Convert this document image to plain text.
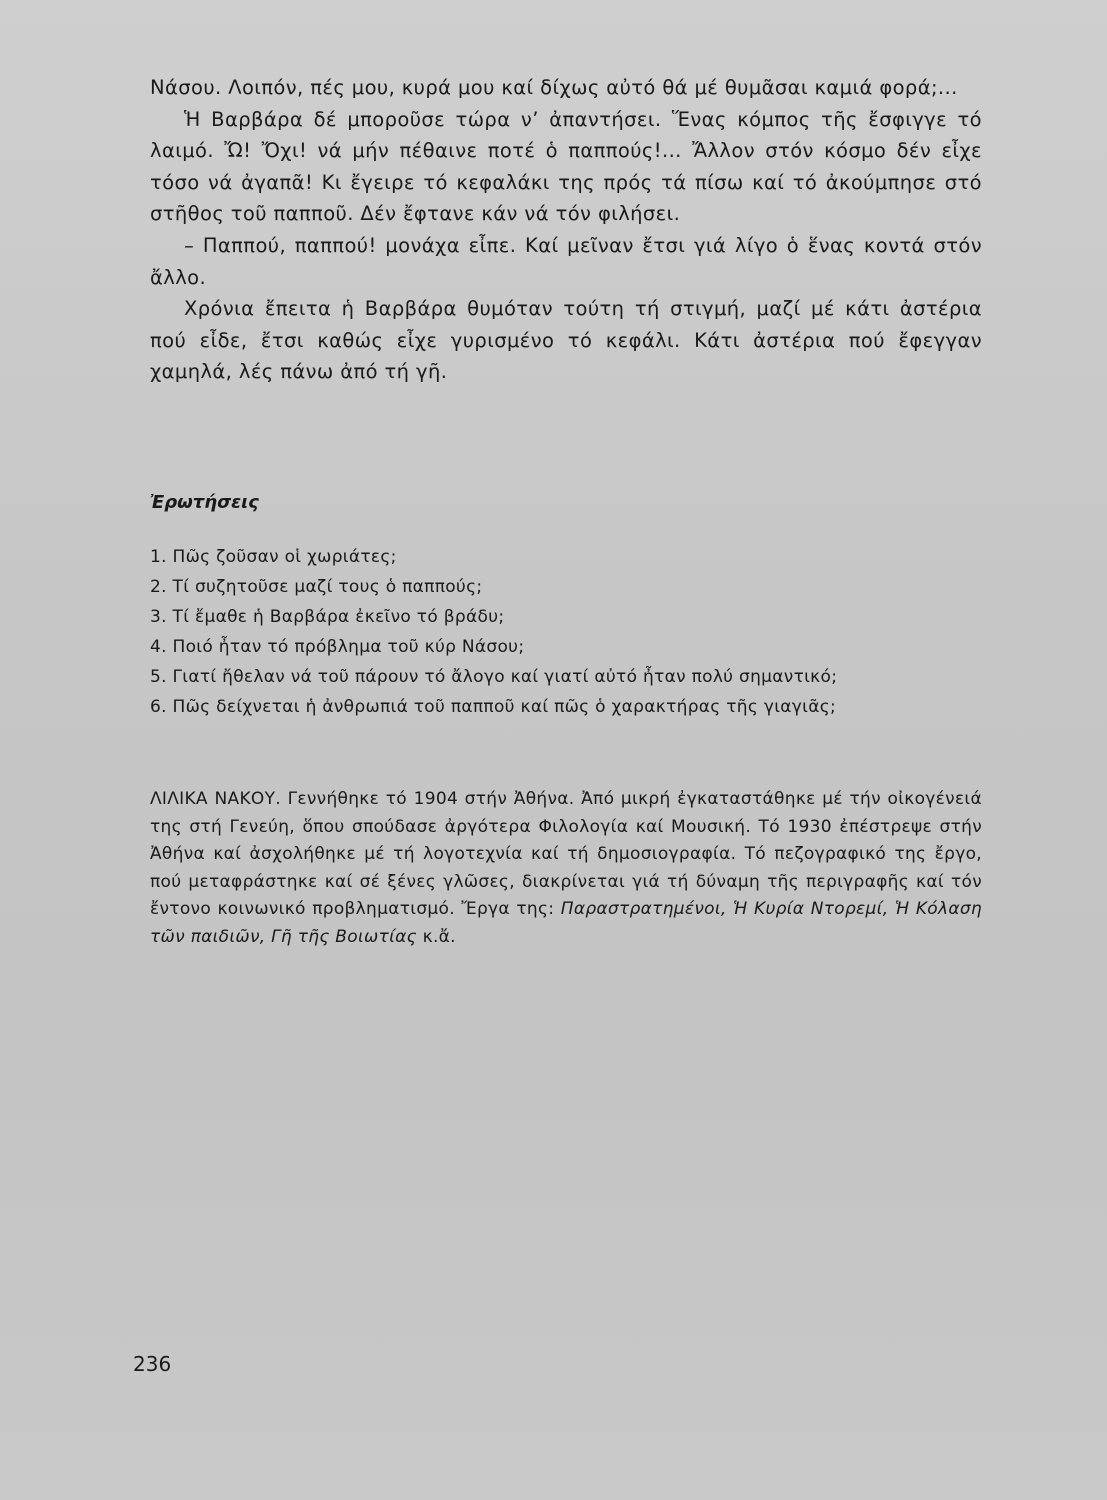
Νάσου. Λοιπόν, πές μου, κυρά μου καί δίχως αὐτό θά μέ θυμᾶσαι καμιά φορά;...

Ἡ Βαρβάρα δέ μποροῦσε τώρα ν’ ἀπαντήσει. Ἕνας κόμπος τῆς ἔσφιγγε τό λαιμό. Ὤ! Ὄχι! νά μήν πέθαινε ποτέ ὁ παππούς!... Ἄλλον στόν κόσμο δέν εἶχε τόσο νά ἀγαπᾶ! Κι ἔγειρε τό κεφαλάκι της πρός τά πίσω καί τό ἀκούμπησε στό στῆθος τοῦ παπποῦ. Δέν ἔφτανε κάν νά τόν φιλήσει.

– Παππού, παππού! μονάχα εἶπε. Καί μεῖναν ἔτσι γιά λίγο ὁ ἕνας κοντά στόν ἄλλο.

Χρόνια ἔπειτα ἡ Βαρβάρα θυμόταν τούτη τή στιγμή, μαζί μέ κάτι ἀστέρια πού εἶδε, ἔτσι καθώς εἶχε γυρισμένο τό κεφάλι. Κάτι ἀστέρια πού ἔφεγγαν χαμηλά, λές πάνω ἀπό τή γῆ.

Ἐρωτήσεις
1. Πῶς ζοῦσαν οἱ χωριάτες;
2. Τί συζητοῦσε μαζί τους ὁ παππούς;
3. Τί ἔμαθε ἡ Βαρβάρα ἐκεῖνο τό βράδυ;
4. Ποιό ἦταν τό πρόβλημα τοῦ κύρ Νάσου;
5. Γιατί ἤθελαν νά τοῦ πάρουν τό ἄλογο καί γιατί αὐτό ἦταν πολύ σημαντικό;
6. Πῶς δείχνεται ἡ ἀνθρωπιά τοῦ παπποῦ καί πῶς ὁ χαρακτήρας τῆς γιαγιᾶς;

ΛΙΛΙΚΑ ΝΑΚΟΥ. Γεννήθηκε τό 1904 στήν Ἀθήνα. Ἀπό μικρή ἐγκαταστάθηκε μέ τήν οἰκογένειά της στή Γενεύη, ὅπου σπούδασε ἀργότερα Φιλολογία καί Μουσική. Τό 1930 ἐπέστρεψε στήν Ἀθήνα καί ἀσχολήθηκε μέ τή λογοτεχνία καί τή δημοσιογραφία. Τό πεζογραφικό της ἔργο, πού μεταφράστηκε καί σέ ξένες γλῶσες, διακρίνεται γιά τή δύναμη τῆς περιγραφῆς καί τόν ἔντονο κοινωνικό προβληματισμό. Ἔργα της: Παραστρατημένοι, Ἡ Κυρία Ντορεμί, Ἡ Κόλαση τῶν παιδιῶν, Γῆ τῆς Βοιωτίας κ.ἄ.

236
